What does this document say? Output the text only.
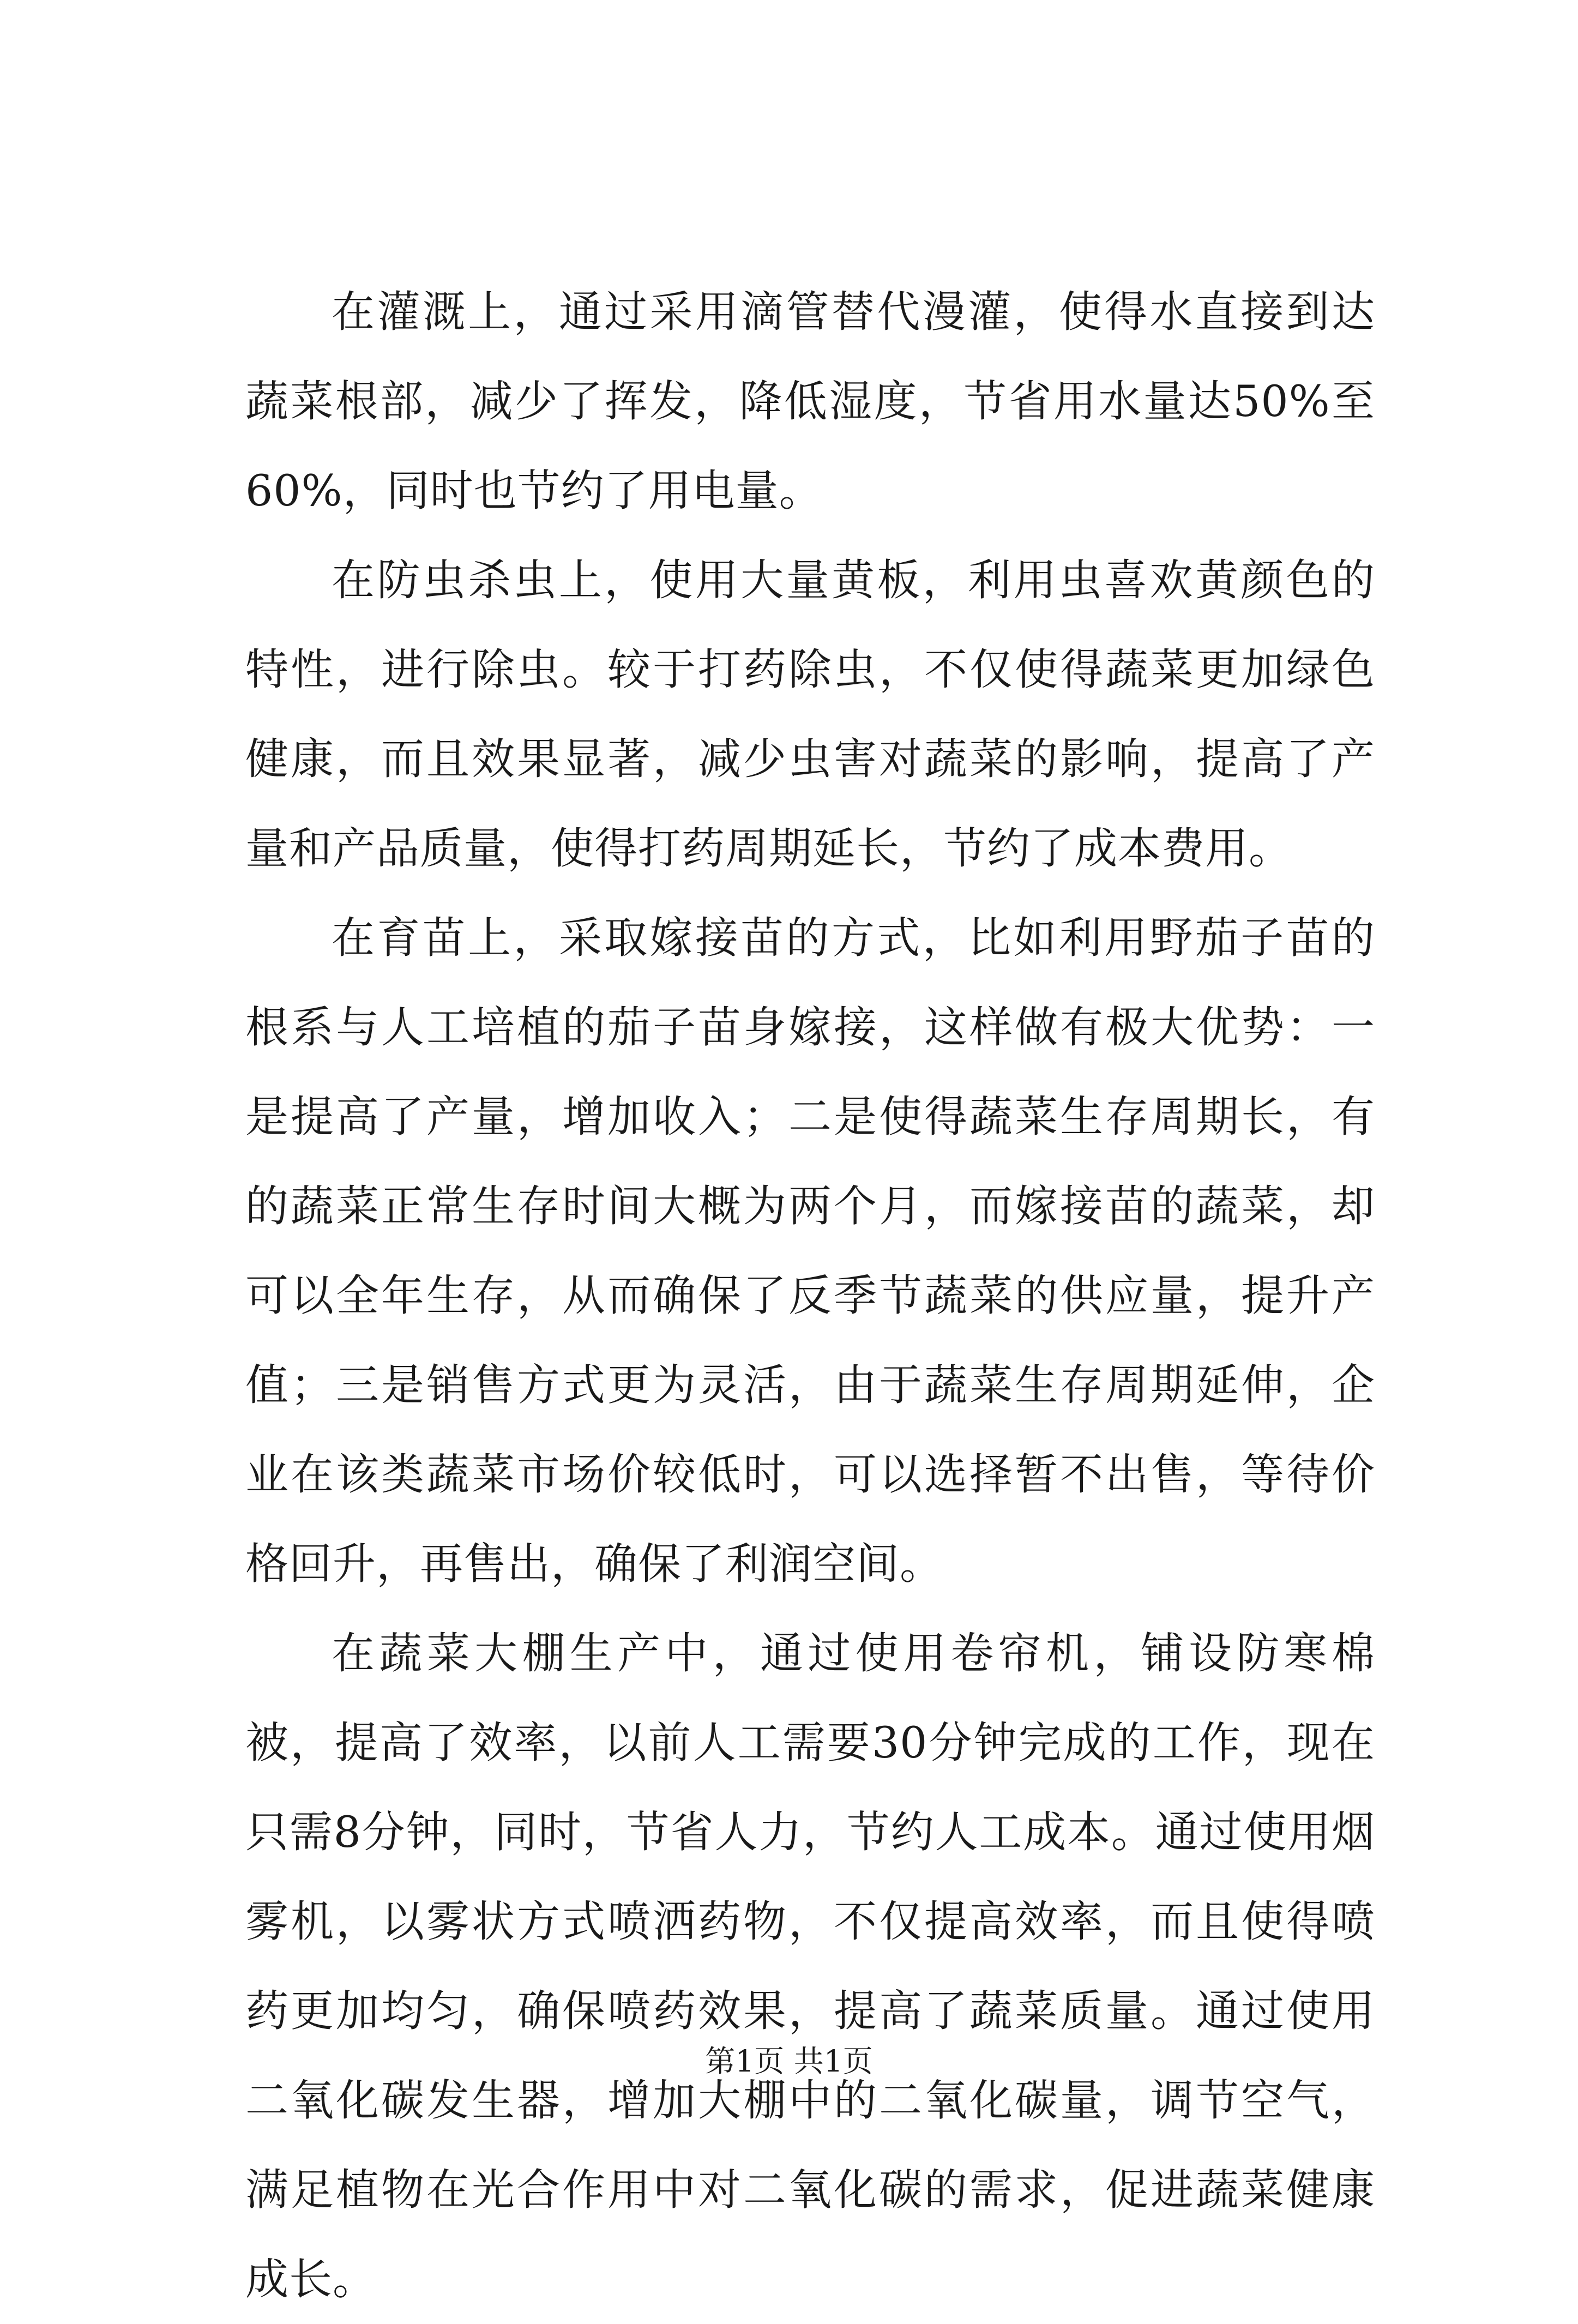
在灌溉上，通过采用滴管替代漫灌，使得水直接到达蔬菜根部，减少了挥发，降低湿度，节省用水量达50%至60%，同时也节约了用电量。

在防虫杀虫上，使用大量黄板，利用虫喜欢黄颜色的特性，进行除虫。较于打药除虫，不仅使得蔬菜更加绿色健康，而且效果显著，减少虫害对蔬菜的影响，提高了产量和产品质量，使得打药周期延长，节约了成本费用。

在育苗上，采取嫁接苗的方式，比如利用野茄子苗的根系与人工培植的茄子苗身嫁接，这样做有极大优势：一是提高了产量，增加收入；二是使得蔬菜生存周期长，有的蔬菜正常生存时间大概为两个月，而嫁接苗的蔬菜，却可以全年生存，从而确保了反季节蔬菜的供应量，提升产值；三是销售方式更为灵活，由于蔬菜生存周期延伸，企业在该类蔬菜市场价较低时，可以选择暂不出售，等待价格回升，再售出，确保了利润空间。

在蔬菜大棚生产中，通过使用卷帘机，铺设防寒棉被，提高了效率，以前人工需要30分钟完成的工作，现在只需8分钟，同时，节省人力，节约人工成本。通过使用烟雾机，以雾状方式喷洒药物，不仅提高效率，而且使得喷药更加均匀，确保喷药效果，提高了蔬菜质量。通过使用二氧化碳发生器，增加大棚中的二氧化碳量，调节空气，满足植物在光合作用中对二氧化碳的需求，促进蔬菜健康成长。

第1页 共1页
